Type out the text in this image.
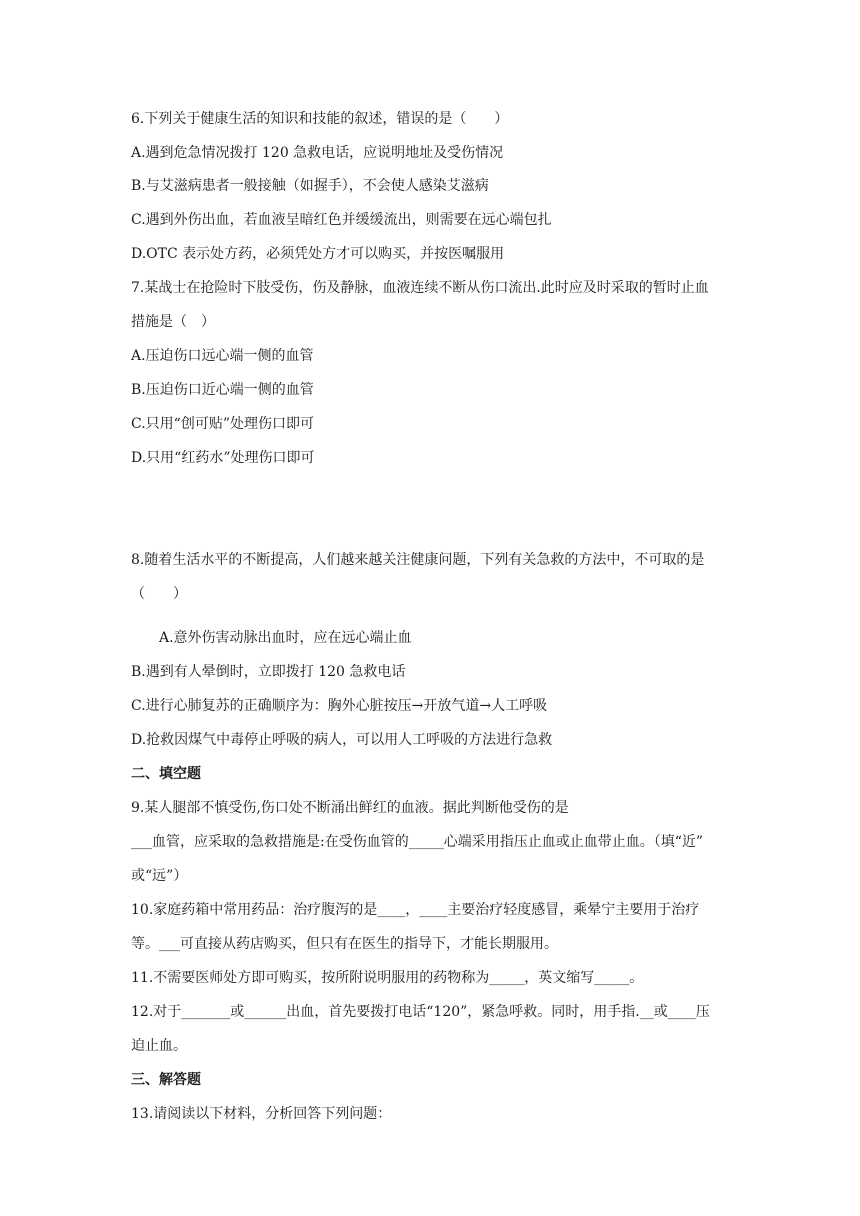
6.下列关于健康生活的知识和技能的叙述，错误的是（　　）
A.遇到危急情况拨打 120 急救电话，应说明地址及受伤情况
B.与艾滋病患者一般接触（如握手），不会使人感染艾滋病
C.遇到外伤出血，若血液呈暗红色并缓缓流出，则需要在远心端包扎
D.OTC 表示处方药，必须凭处方才可以购买，并按医嘱服用
7.某战士在抢险时下肢受伤，伤及静脉，血液连续不断从伤口流出.此时应及时采取的暂时止血
措施是（　）
A.压迫伤口远心端一侧的血管
B.压迫伤口近心端一侧的血管
C.只用“创可贴”处理伤口即可
D.只用“红药水”处理伤口即可
8.随着生活水平的不断提高，人们越来越关注健康问题，下列有关急救的方法中，不可取的是
（　　）
A.意外伤害动脉出血时，应在远心端止血
B.遇到有人晕倒时，立即拨打 120 急救电话
C.进行心肺复苏的正确顺序为：胸外心脏按压→开放气道→人工呼吸
D.抢救因煤气中毒停止呼吸的病人，可以用人工呼吸的方法进行急救
二、填空题
9.某人腿部不慎受伤,伤口处不断涌出鲜红的血液。据此判断他受伤的是
___血管，应采取的急救措施是:在受伤血管的_____心端采用指压止血或止血带止血。（填“近”
或“远”）
10.家庭药箱中常用药品：治疗腹泻的是____，____主要治疗轻度感冒，乘晕宁主要用于治疗
等。___可直接从药店购买，但只有在医生的指导下，才能长期服用。
11.不需要医师处方即可购买，按所附说明服用的药物称为_____，英文缩写_____。
12.对于_______或______出血，首先要拨打电话“120”，紧急呼救。同时，用手指.__或____压
迫止血。
三、解答题
13.请阅读以下材料，分析回答下列问题：
